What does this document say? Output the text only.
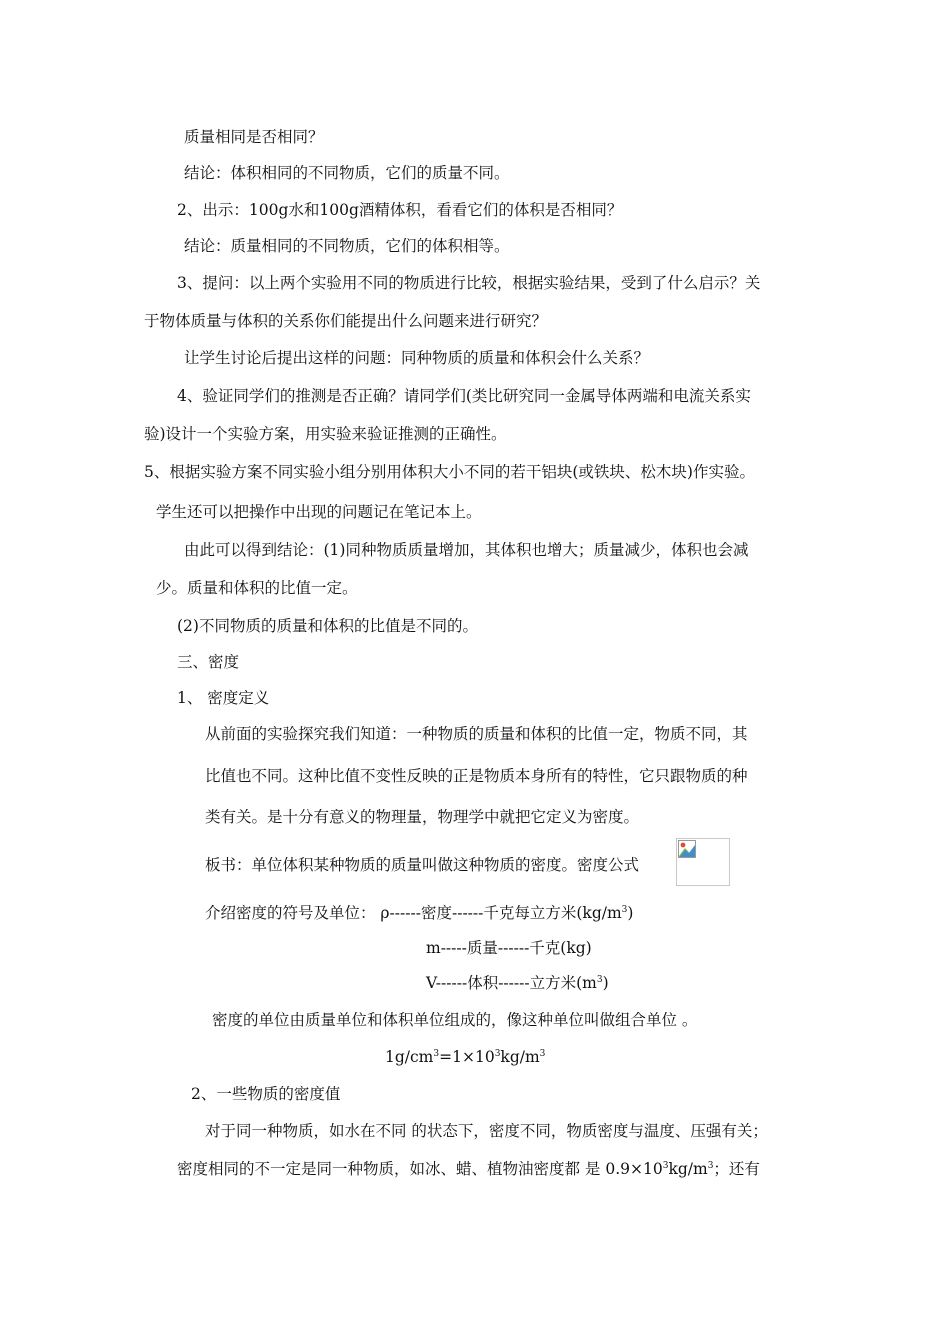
质量相同是否相同？
结论：体积相同的不同物质，它们的质量不同。
2、出示：100g水和100g酒精体积，看看它们的体积是否相同？
结论：质量相同的不同物质，它们的体积相等。
3、提问：以上两个实验用不同的物质进行比较，根据实验结果，受到了什么启示？关
于物体质量与体积的关系你们能提出什么问题来进行研究？
让学生讨论后提出这样的问题：同种物质的质量和体积会什么关系？
4、验证同学们的推测是否正确？请同学们(类比研究同一金属导体两端和电流关系实
验)设计一个实验方案，用实验来验证推测的正确性。
5、根据实验方案不同实验小组分别用体积大小不同的若干铝块(或铁块、松木块)作实验。
学生还可以把操作中出现的问题记在笔记本上。
由此可以得到结论：(1)同种物质质量增加，其体积也增大；质量减少，体积也会减
少。质量和体积的比值一定。
(2)不同物质的质量和体积的比值是不同的。
三、密度
1、 密度定义
从前面的实验探究我们知道：一种物质的质量和体积的比值一定，物质不同，其
比值也不同。这种比值不变性反映的正是物质本身所有的特性，它只跟物质的种
类有关。是十分有意义的物理量，物理学中就把它定义为密度。
板书：单位体积某种物质的质量叫做这种物质的密度。密度公式
介绍密度的符号及单位： ρ------密度------千克每立方米$(kg/m^3)$
m-----质量------千克(kg)
V------体积------立方米$(m^3)$
密度的单位由质量单位和体积单位组成的，像这种单位叫做组合单位 。
$1g/cm^3=1\times 10^3kg/m^3$
2、一些物质的密度值
对于同一种物质，如水在不同 的状态下，密度不同，物质密度与温度、压强有关；
密度相同的不一定是同一种物质，如冰、蜡、植物油密度都 是 $0.9\times 10^3kg/m^3$；还有
